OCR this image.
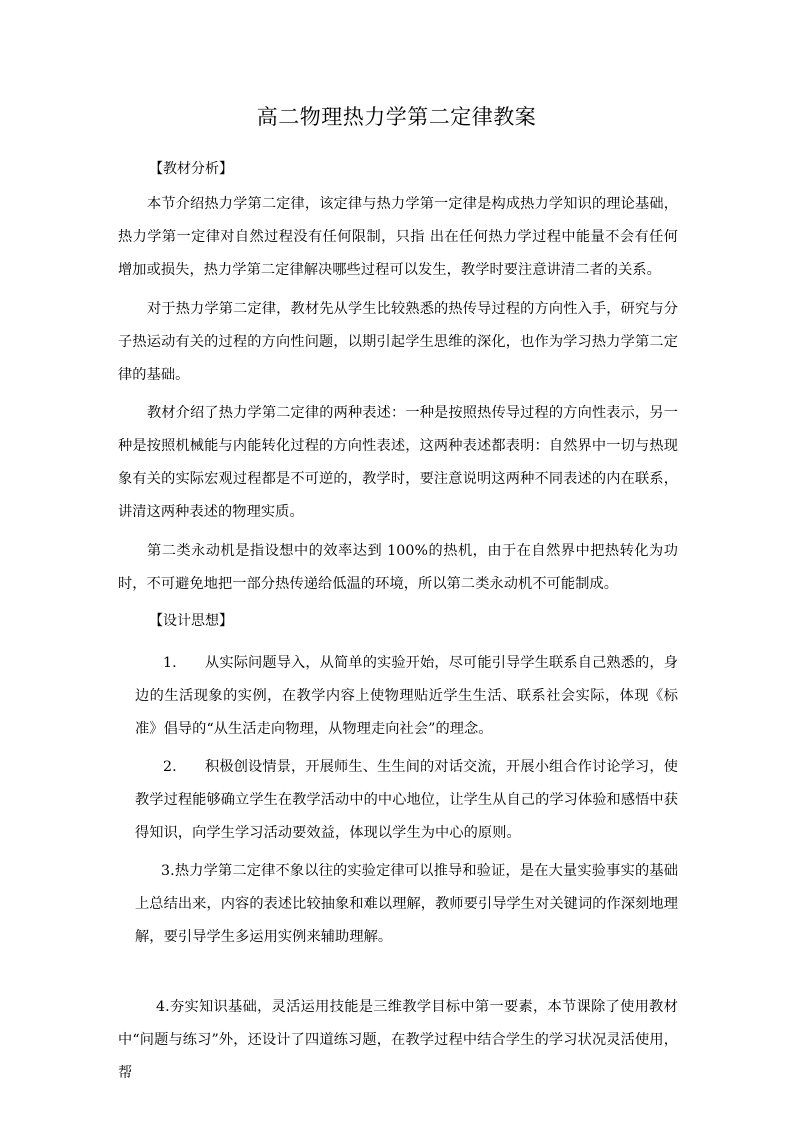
高二物理热力学第二定律教案
【教材分析】
本节介绍热力学第二定律，该定律与热力学第一定律是构成热力学知识的理论基础，热力学第一定律对自然过程没有任何限制，只指 出在任何热力学过程中能量不会有任何增加或损失，热力学第二定律解决哪些过程可以发生，教学时要注意讲清二者的关系。
对于热力学第二定律，教材先从学生比较熟悉的热传导过程的方向性入手，研究与分子热运动有关的过程的方向性问题，以期引起学生思维的深化，也作为学习热力学第二定律的基础。
教材介绍了热力学第二定律的两种表述：一种是按照热传导过程的方向性表示，另一种是按照机械能与内能转化过程的方向性表述，这两种表述都表明：自然界中一切与热现象有关的实际宏观过程都是不可逆的，教学时，要注意说明这两种不同表述的内在联系，讲清这两种表述的物理实质。
第二类永动机是指设想中的效率达到 100%的热机，由于在自然界中把热转化为功时，不可避免地把一部分热传递给低温的环境，所以第二类永动机不可能制成。
【设计思想】
1. 从实际问题导入，从简单的实验开始，尽可能引导学生联系自己熟悉的，身边的生活现象的实例，在教学内容上使物理贴近学生生活、联系社会实际，体现《标准》倡导的“从生活走向物理，从物理走向社会”的理念。
2. 积极创设情景，开展师生、生生间的对话交流，开展小组合作讨论学习，使教学过程能够确立学生在教学活动中的中心地位，让学生从自己的学习体验和感悟中获得知识，向学生学习活动要效益，体现以学生为中心的原则。
3.热力学第二定律不象以往的实验定律可以推导和验证，是在大量实验事实的基础上总结出来，内容的表述比较抽象和难以理解，教师要引导学生对关键词的作深刻地理解，要引导学生多运用实例来辅助理解。
4.夯实知识基础，灵活运用技能是三维教学目标中第一要素，本节课除了使用教材中“问题与练习”外，还设计了四道练习题，在教学过程中结合学生的学习状况灵活使用，帮
